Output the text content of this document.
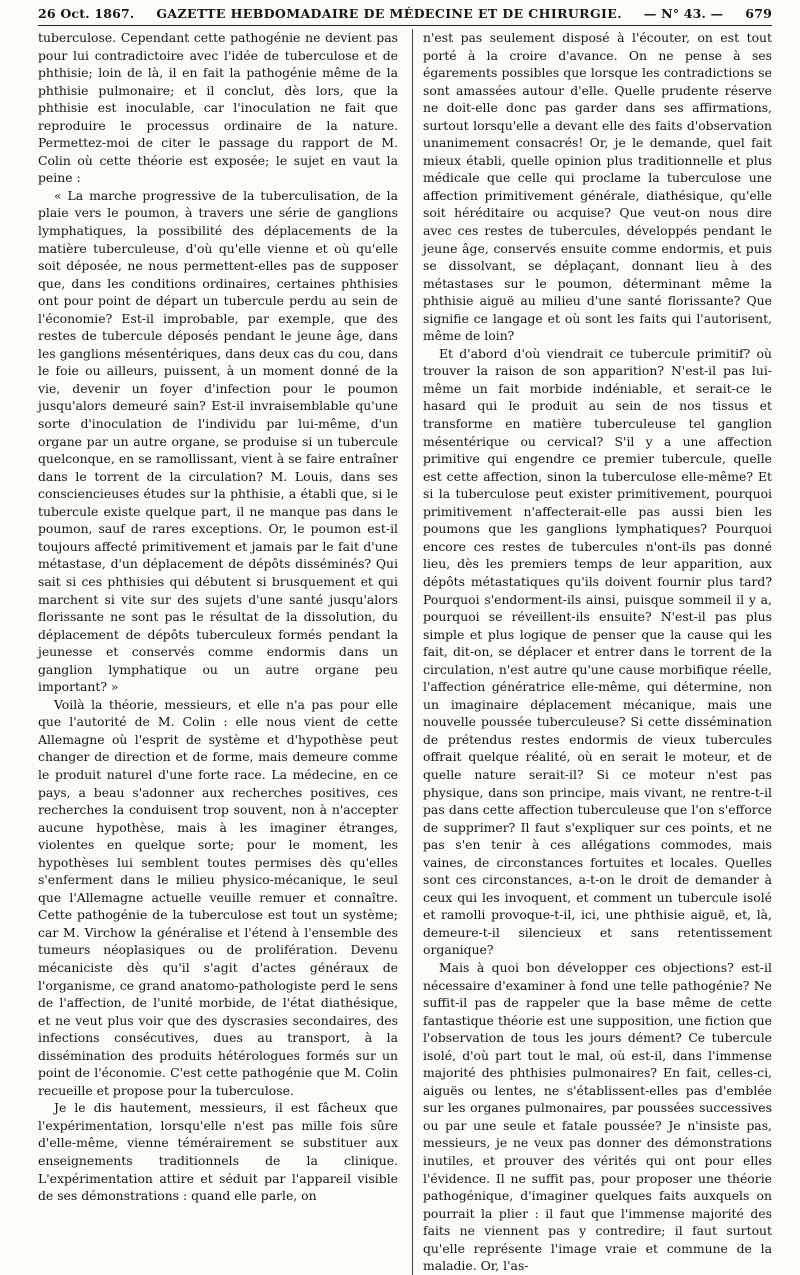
26 Oct. 1867. GAZETTE HEBDOMADAIRE DE MÉDECINE ET DE CHIRURGIE. — N° 43. — 679

tuberculose. Cependant cette pathogénie ne devient pas pour lui contradictoire avec l'idée de tuberculose et de phthisie; loin de là, il en fait la pathogénie même de la phthisie pulmonaire; et il conclut, dès lors, que la phthisie est inoculable, car l'inoculation ne fait que reproduire le processus ordinaire de la nature. Permettez-moi de citer le passage du rapport de M. Colin où cette théorie est exposée; le sujet en vaut la peine :

« La marche progressive de la tuberculisation, de la plaie vers le poumon, à travers une série de ganglions lymphatiques, la possibilité des déplacements de la matière tuberculeuse, d'où qu'elle vienne et où qu'elle soit déposée, ne nous permettent-elles pas de supposer que, dans les conditions ordinaires, certaines phthisies ont pour point de départ un tubercule perdu au sein de l'économie? Est-il improbable, par exemple, que des restes de tubercule déposés pendant le jeune âge, dans les ganglions mésentériques, dans deux cas du cou, dans le foie ou ailleurs, puissent, à un moment donné de la vie, devenir un foyer d'infection pour le poumon jusqu'alors demeuré sain? Est-il invraisemblable qu'une sorte d'inoculation de l'individu par lui-même, d'un organe par un autre organe, se produise si un tubercule quelconque, en se ramollissant, vient à se faire entraîner dans le torrent de la circulation? M. Louis, dans ses consciencieuses études sur la phthisie, a établi que, si le tubercule existe quelque part, il ne manque pas dans le poumon, sauf de rares exceptions. Or, le poumon est-il toujours affecté primitivement et jamais par le fait d'une métastase, d'un déplacement de dépôts disséminés? Qui sait si ces phthisies qui débutent si brusquement et qui marchent si vite sur des sujets d'une santé jusqu'alors florissante ne sont pas le résultat de la dissolution, du déplacement de dépôts tuberculeux formés pendant la jeunesse et conservés comme endormis dans un ganglion lymphatique ou un autre organe peu important? »

Voilà la théorie, messieurs, et elle n'a pas pour elle que l'autorité de M. Colin : elle nous vient de cette Allemagne où l'esprit de système et d'hypothèse peut changer de direction et de forme, mais demeure comme le produit naturel d'une forte race. La médecine, en ce pays, a beau s'adonner aux recherches positives, ces recherches la conduisent trop souvent, non à n'accepter aucune hypothèse, mais à les imaginer étranges, violentes en quelque sorte; pour le moment, les hypothèses lui semblent toutes permises dès qu'elles s'enferment dans le milieu physico-mécanique, le seul que l'Allemagne actuelle veuille remuer et connaître. Cette pathogénie de la tuberculose est tout un système; car M. Virchow la généralise et l'étend à l'ensemble des tumeurs néoplasiques ou de prolifération. Devenu mécaniciste dès qu'il s'agit d'actes généraux de l'organisme, ce grand anatomo-pathologiste perd le sens de l'affection, de l'unité morbide, de l'état diathésique, et ne veut plus voir que des dyscrasies secondaires, des infections consécutives, dues au transport, à la dissémination des produits hétérologues formés sur un point de l'économie. C'est cette pathogénie que M. Colin recueille et propose pour la tuberculose.

Je le dis hautement, messieurs, il est fâcheux que l'expérimentation, lorsqu'elle n'est pas mille fois sûre d'elle-même, vienne témérairement se substituer aux enseignements traditionnels de la clinique. L'expérimentation attire et séduit par l'appareil visible de ses démonstrations : quand elle parle, on

n'est pas seulement disposé à l'écouter, on est tout porté à la croire d'avance. On ne pense à ses égarements possibles que lorsque les contradictions se sont amassées autour d'elle. Quelle prudente réserve ne doit-elle donc pas garder dans ses affirmations, surtout lorsqu'elle a devant elle des faits d'observation unanimement consacrés! Or, je le demande, quel fait mieux établi, quelle opinion plus traditionnelle et plus médicale que celle qui proclame la tuberculose une affection primitivement générale, diathésique, qu'elle soit héréditaire ou acquise? Que veut-on nous dire avec ces restes de tubercules, développés pendant le jeune âge, conservés ensuite comme endormis, et puis se dissolvant, se déplaçant, donnant lieu à des métastases sur le poumon, déterminant même la phthisie aiguë au milieu d'une santé florissante? Que signifie ce langage et où sont les faits qui l'autorisent, même de loin?

Et d'abord d'où viendrait ce tubercule primitif? où trouver la raison de son apparition? N'est-il pas lui-même un fait morbide indéniable, et serait-ce le hasard qui le produit au sein de nos tissus et transforme en matière tuberculeuse tel ganglion mésentérique ou cervical? S'il y a une affection primitive qui engendre ce premier tubercule, quelle est cette affection, sinon la tuberculose elle-même? Et si la tuberculose peut exister primitivement, pourquoi primitivement n'affecterait-elle pas aussi bien les poumons que les ganglions lymphatiques? Pourquoi encore ces restes de tubercules n'ont-ils pas donné lieu, dès les premiers temps de leur apparition, aux dépôts métastatiques qu'ils doivent fournir plus tard? Pourquoi s'endorment-ils ainsi, puisque sommeil il y a, pourquoi se réveillent-ils ensuite? N'est-il pas plus simple et plus logique de penser que la cause qui les fait, dit-on, se déplacer et entrer dans le torrent de la circulation, n'est autre qu'une cause morbifique réelle, l'affection génératrice elle-même, qui détermine, non un imaginaire déplacement mécanique, mais une nouvelle poussée tuberculeuse? Si cette dissémination de prétendus restes endormis de vieux tubercules offrait quelque réalité, où en serait le moteur, et de quelle nature serait-il? Si ce moteur n'est pas physique, dans son principe, mais vivant, ne rentre-t-il pas dans cette affection tuberculeuse que l'on s'efforce de supprimer? Il faut s'expliquer sur ces points, et ne pas s'en tenir à ces allégations commodes, mais vaines, de circonstances fortuites et locales. Quelles sont ces circonstances, a-t-on le droit de demander à ceux qui les invoquent, et comment un tubercule isolé et ramolli provoque-t-il, ici, une phthisie aiguë, et, là, demeure-t-il silencieux et sans retentissement organique?

Mais à quoi bon développer ces objections? est-il nécessaire d'examiner à fond une telle pathogénie? Ne suffit-il pas de rappeler que la base même de cette fantastique théorie est une supposition, une fiction que l'observation de tous les jours dément? Ce tubercule isolé, d'où part tout le mal, où est-il, dans l'immense majorité des phthisies pulmonaires? En fait, celles-ci, aiguës ou lentes, ne s'établissent-elles pas d'emblée sur les organes pulmonaires, par poussées successives ou par une seule et fatale poussée? Je n'insiste pas, messieurs, je ne veux pas donner des démonstrations inutiles, et prouver des vérités qui ont pour elles l'évidence. Il ne suffit pas, pour proposer une théorie pathogénique, d'imaginer quelques faits auxquels on pourrait la plier : il faut que l'immense majorité des faits ne viennent pas y contredire; il faut surtout qu'elle représente l'image vraie et commune de la maladie. Or, l'as-
